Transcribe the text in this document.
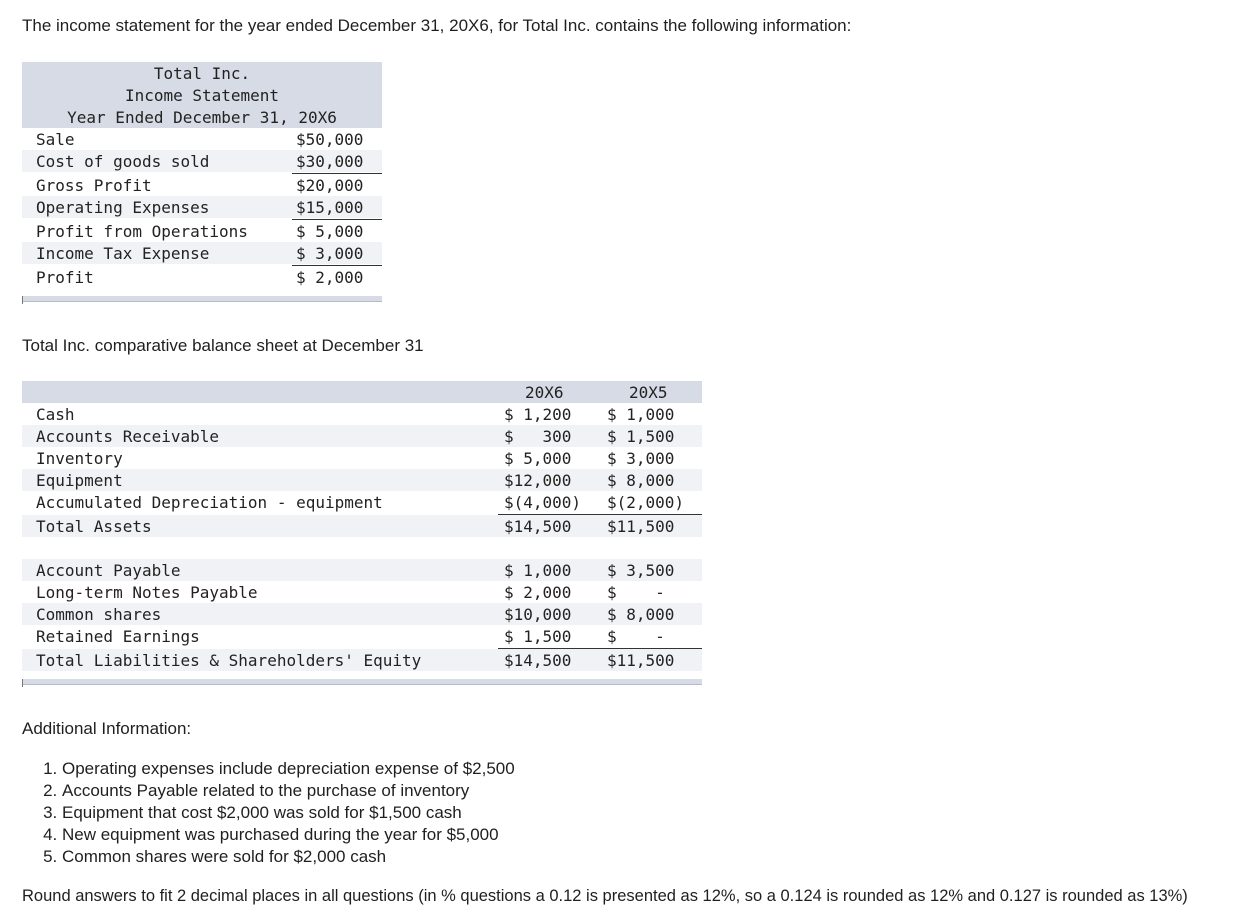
The income statement for the year ended December 31, 20X6, for Total Inc. contains the following information:

Total Inc.
Income Statement
Year Ended December 31, 20X6
Sale	$50,000
Cost of goods sold	$30,000
Gross Profit	$20,000
Operating Expenses	$15,000
Profit from Operations	$ 5,000
Income Tax Expense	$ 3,000
Profit	$ 2,000

Total Inc. comparative balance sheet at December 31

20X6	20X5
Cash	$ 1,200 $ 1,000
Accounts Receivable	$   300 $ 1,500
Inventory	$ 5,000 $ 3,000
Equipment	$12,000 $ 8,000
Accumulated Depreciation - equipment	$(4,000) $(2,000)
Total Assets	$14,500 $11,500
Account Payable	$ 1,000 $ 3,500
Long-term Notes Payable	$ 2,000 $    -
Common shares	$10,000 $ 8,000
Retained Earnings	$ 1,500 $    -
Total Liabilities & Shareholders' Equity	$14,500 $11,500

Additional Information:

1. Operating expenses include depreciation expense of $2,500
2. Accounts Payable related to the purchase of inventory
3. Equipment that cost $2,000 was sold for $1,500 cash
4. New equipment was purchased during the year for $5,000
5. Common shares were sold for $2,000 cash

Round answers to fit 2 decimal places in all questions (in % questions a 0.12 is presented as 12%, so a 0.124 is rounded as 12% and 0.127 is rounded as 13%)
